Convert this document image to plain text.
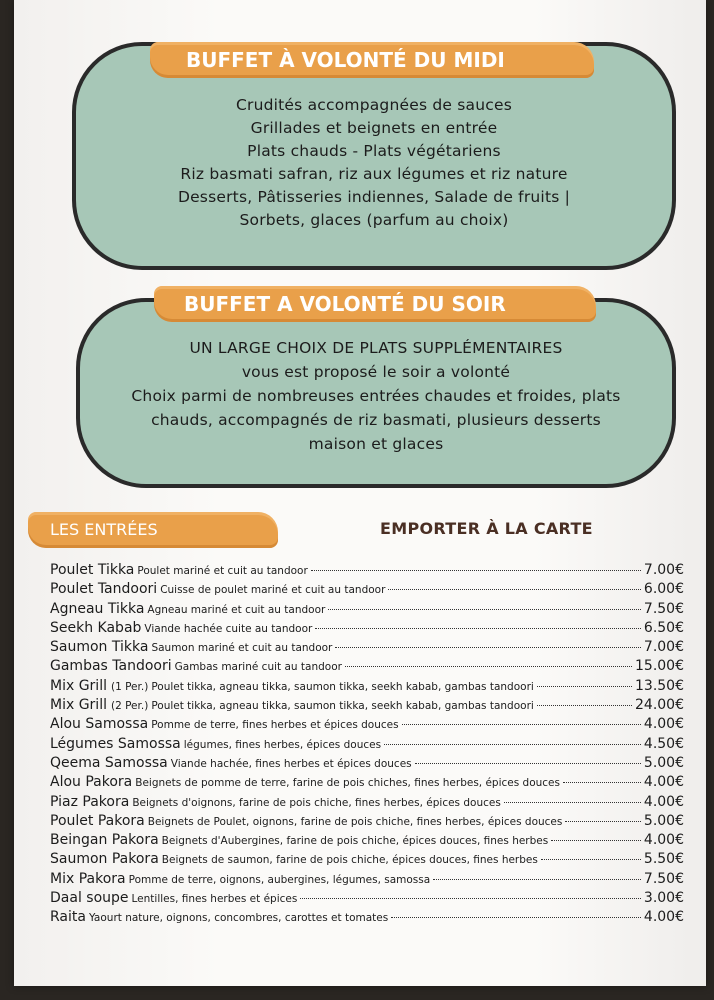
Crudités accompagnées de sauces
Grillades et beignets en entrée
Plats chauds - Plats végétariens
Riz basmati safran, riz aux légumes et riz nature
Desserts, Pâtisseries indiennes, Salade de fruits |
Sorbets, glaces (parfum au choix)
BUFFET À VOLONTÉ DU MIDI
UN LARGE CHOIX DE PLATS SUPPLÉMENTAIRES
vous est proposé le soir a volonté
Choix parmi de nombreuses entrées chaudes et froides, plats
chauds, accompagnés de riz basmati, plusieurs desserts
maison et glaces
BUFFET A VOLONTÉ DU SOIR
LES ENTRÉES	EMPORTER À LA CARTE
Poulet Tikka Poulet mariné et cuit au tandoor	7.00€
Poulet Tandoori Cuisse de poulet mariné et cuit au tandoor	6.00€
Agneau Tikka Agneau mariné et cuit au tandoor	7.50€
Seekh Kabab Viande hachée cuite au tandoor	6.50€
Saumon Tikka Saumon mariné et cuit au tandoor	7.00€
Gambas Tandoori Gambas mariné cuit au tandoor	15.00€
Mix Grill (1 Per.) Poulet tikka, agneau tikka, saumon tikka, seekh kabab, gambas tandoori	13.50€
Mix Grill (2 Per.) Poulet tikka, agneau tikka, saumon tikka, seekh kabab, gambas tandoori	24.00€
Alou Samossa Pomme de terre, fines herbes et épices douces	4.00€
Légumes Samossa légumes, fines herbes, épices douces	4.50€
Qeema Samossa Viande hachée, fines herbes et épices douces	5.00€
Alou Pakora Beignets de pomme de terre, farine de pois chiches, fines herbes, épices douces	4.00€
Piaz Pakora Beignets d'oignons, farine de pois chiche, fines herbes, épices douces	4.00€
Poulet Pakora Beignets de Poulet, oignons, farine de pois chiche, fines herbes, épices douces	5.00€
Beingan Pakora Beignets d'Aubergines, farine de pois chiche, épices douces, fines herbes	4.00€
Saumon Pakora Beignets de saumon, farine de pois chiche, épices douces, fines herbes	5.50€
Mix Pakora Pomme de terre, oignons, aubergines, légumes, samossa	7.50€
Daal soupe Lentilles, fines herbes et épices	3.00€
Raita Yaourt nature, oignons, concombres, carottes et tomates	4.00€
